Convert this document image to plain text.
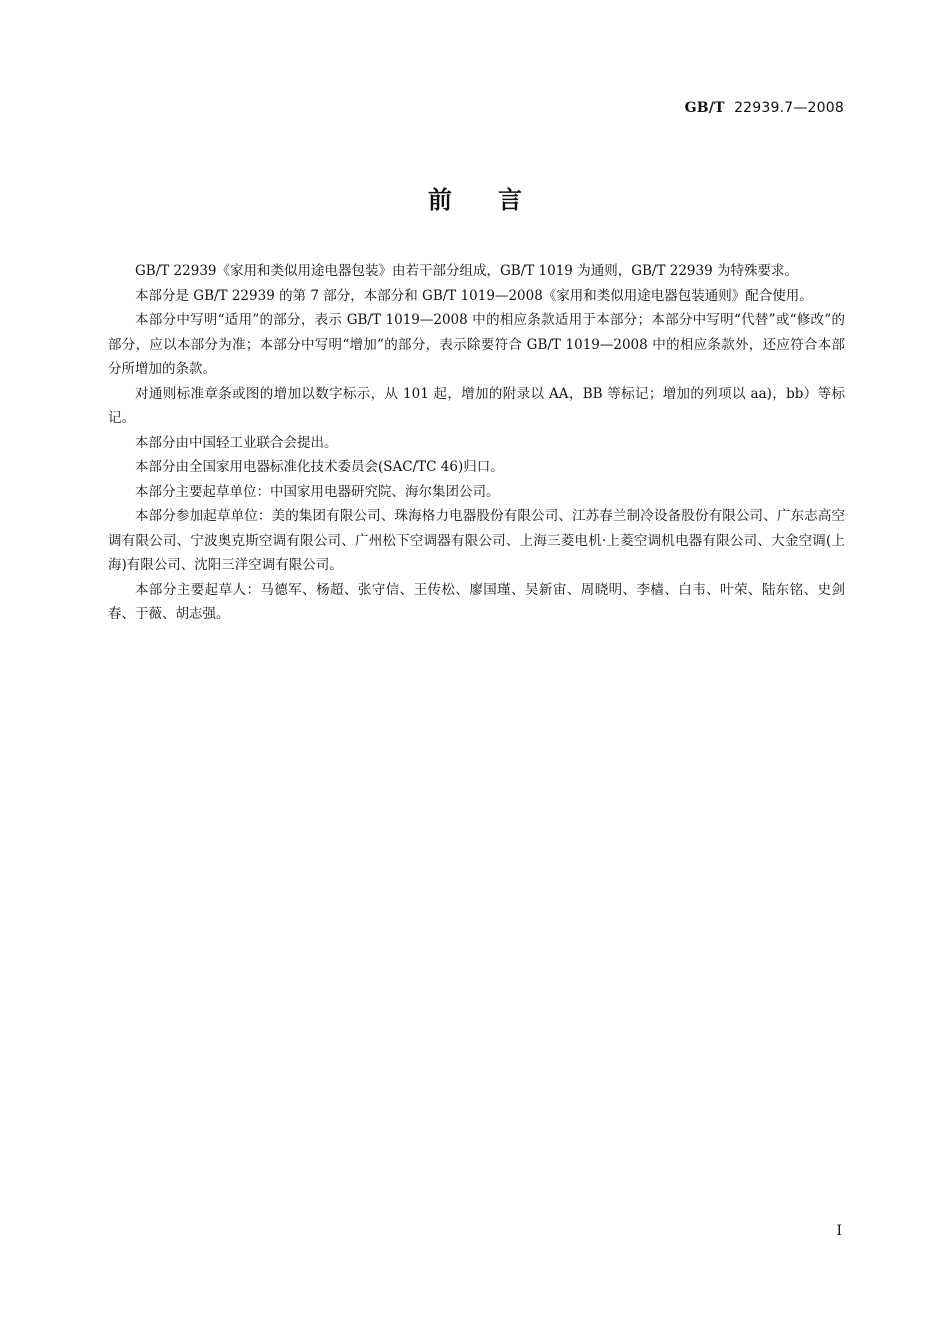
GB/T 22939.7—2008
前言

GB/T 22939《家用和类似用途电器包装》由若干部分组成，GB/T 1019 为通则，GB/T 22939 为特殊要求。

本部分是 GB/T 22939 的第 7 部分，本部分和 GB/T 1019—2008《家用和类似用途电器包装通则》配合使用。

本部分中写明“适用”的部分，表示 GB/T 1019—2008 中的相应条款适用于本部分；本部分中写明“代替”或“修改”的部分，应以本部分为准；本部分中写明“增加”的部分，表示除要符合 GB/T 1019—2008 中的相应条款外，还应符合本部分所增加的条款。

对通则标准章条或图的增加以数字标示，从 101 起，增加的附录以 AA，BB 等标记；增加的列项以 aa)，bb）等标记。

本部分由中国轻工业联合会提出。

本部分由全国家用电器标准化技术委员会(SAC/TC 46)归口。

本部分主要起草单位：中国家用电器研究院、海尔集团公司。

本部分参加起草单位：美的集团有限公司、珠海格力电器股份有限公司、江苏春兰制冷设备股份有限公司、广东志高空调有限公司、宁波奥克斯空调有限公司、广州松下空调器有限公司、上海三菱电机·上菱空调机电器有限公司、大金空调(上海)有限公司、沈阳三洋空调有限公司。

本部分主要起草人：马德军、杨超、张守信、王传松、廖国瑾、吴新宙、周晓明、李樯、白韦、叶荣、陆东铭、史剑春、于薇、胡志强。

I
